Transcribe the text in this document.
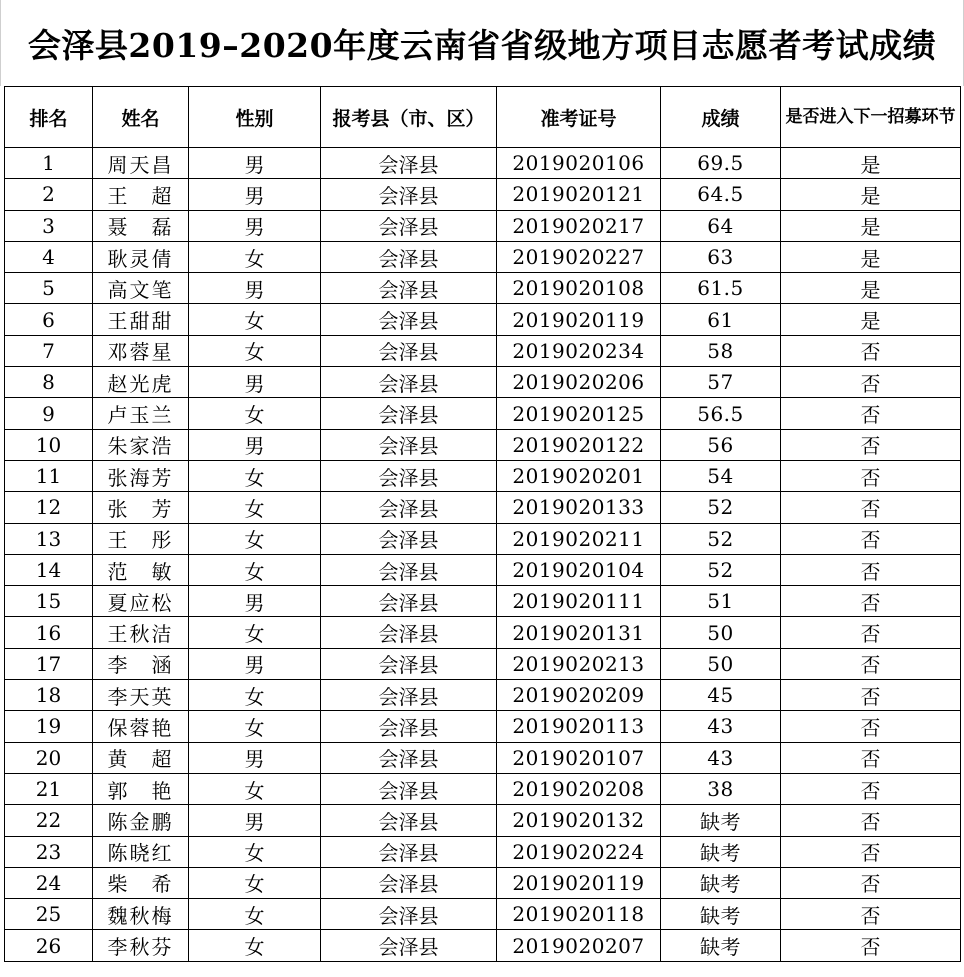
会泽县2019–2020年度云南省省级地方项目志愿者考试成绩
排名	姓名	性别	报考县（市、区）	准考证号	成绩	是否进入下一招募环节
1	周天昌	男	会泽县	2019020106	69.5	是
2	王　超	男	会泽县	2019020121	64.5	是
3	聂　磊	男	会泽县	2019020217	64	是
4	耿灵倩	女	会泽县	2019020227	63	是
5	高文笔	男	会泽县	2019020108	61.5	是
6	王甜甜	女	会泽县	2019020119	61	是
7	邓蓉星	女	会泽县	2019020234	58	否
8	赵光虎	男	会泽县	2019020206	57	否
9	卢玉兰	女	会泽县	2019020125	56.5	否
10	朱家浩	男	会泽县	2019020122	56	否
11	张海芳	女	会泽县	2019020201	54	否
12	张　芳	女	会泽县	2019020133	52	否
13	王　彤	女	会泽县	2019020211	52	否
14	范　敏	女	会泽县	2019020104	52	否
15	夏应松	男	会泽县	2019020111	51	否
16	王秋洁	女	会泽县	2019020131	50	否
17	李　涵	男	会泽县	2019020213	50	否
18	李天英	女	会泽县	2019020209	45	否
19	保蓉艳	女	会泽县	2019020113	43	否
20	黄　超	男	会泽县	2019020107	43	否
21	郭　艳	女	会泽县	2019020208	38	否
22	陈金鹏	男	会泽县	2019020132	缺考	否
23	陈晓红	女	会泽县	2019020224	缺考	否
24	柴　希	女	会泽县	2019020119	缺考	否
25	魏秋梅	女	会泽县	2019020118	缺考	否
26	李秋芬	女	会泽县	2019020207	缺考	否
